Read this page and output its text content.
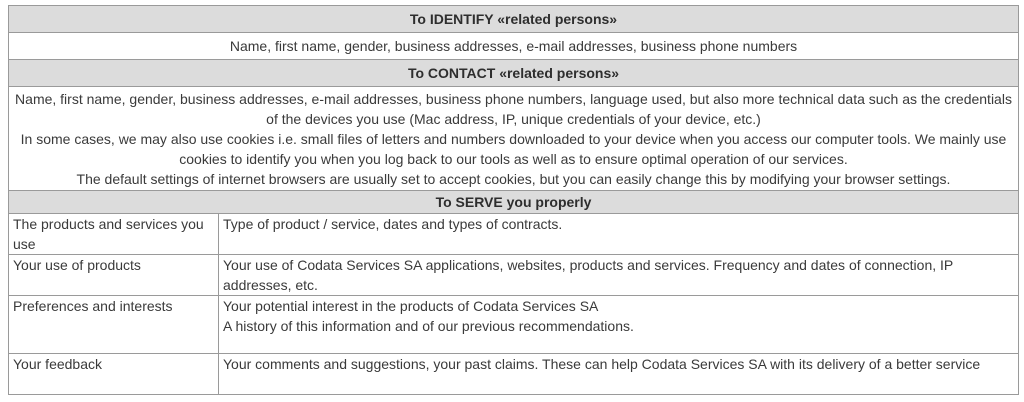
To IDENTIFY «related persons»	
Name, first name, gender, business addresses, e-mail addresses, business phone numbers	
To CONTACT «related persons»	

Name, first name, gender, business addresses, e-mail addresses, business phone numbers, language used, but also more technical data such as the credentials of the devices you use (Mac address, IP, unique credentials of your device, etc.)
In some cases, we may also use cookies i.e. small files of letters and numbers downloaded to your device when you access our computer tools. We mainly use cookies to identify you when you log back to our tools as well as to ensure optimal operation of our services.
The default settings of internet browsers are usually set to accept cookies, but you can easily change this by modifying your browser settings.	

To SERVE you properly	
The products and services you use	Type of product / service, dates and types of contracts.

Your use of products	Your use of Codata Services SA applications, websites, products and services. Frequency and dates of connection, IP addresses, etc.

Preferences and interests	Your potential interest in the products of Codata Services SA
A history of this information and of our previous recommendations.

Your feedback	Your comments and suggestions, your past claims. These can help Codata Services SA with its delivery of a better service
